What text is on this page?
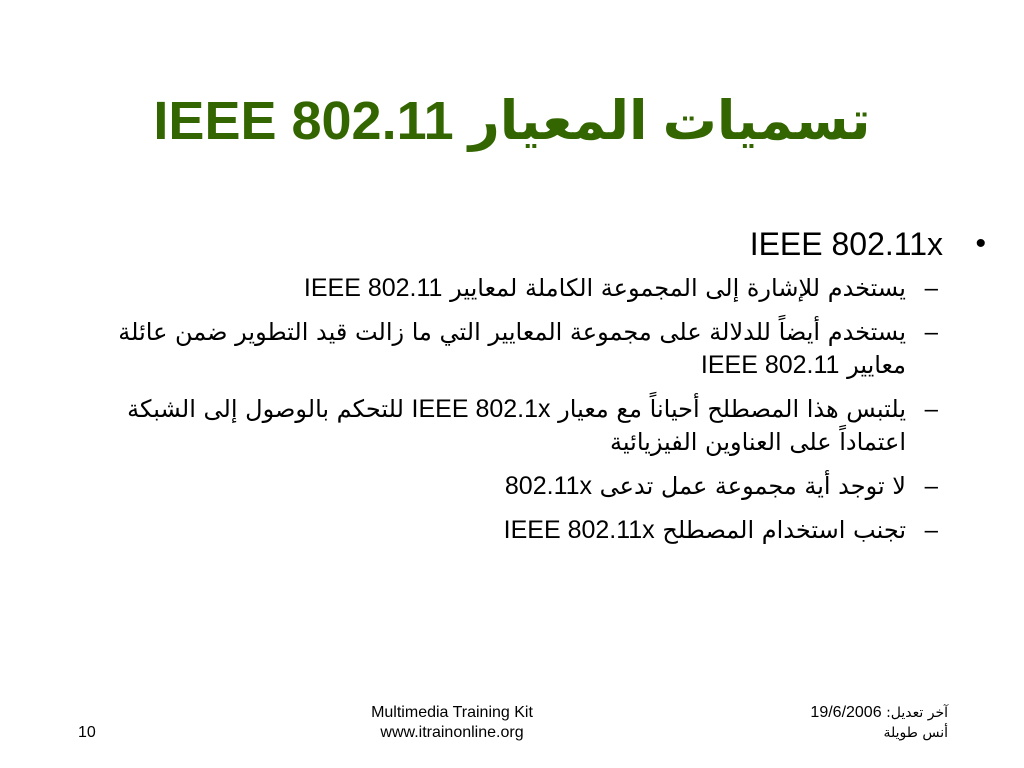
تسميات المعيار IEEE 802.11
•
IEEE 802.11x
–
يستخدم للإشارة إلى المجموعة الكاملة لمعايير IEEE 802.11
–
يستخدم أيضاً للدلالة على مجموعة المعايير التي ما زالت قيد التطوير ضمن عائلة معايير IEEE 802.11
–
يلتبس هذا المصطلح أحياناً مع معيار IEEE 802.1x للتحكم بالوصول إلى الشبكة اعتماداً على العناوين الفيزيائية
–
لا توجد أية مجموعة عمل تدعى 802.11x
–
تجنب استخدام المصطلح IEEE 802.11x
10
Multimedia Training Kit
www.itrainonline.org
آخر تعديل: 19/6/2006
أنس طويلة
